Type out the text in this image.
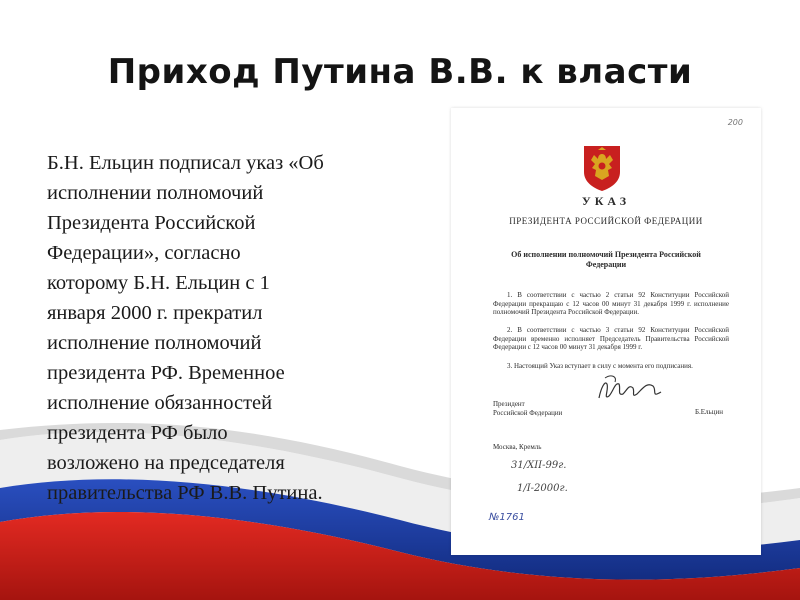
Приход Путина В.В. к власти
Б.Н. Ельцин подписал указ «Об
исполнении полномочий
Президента Российской
Федерации», согласно
которому Б.Н. Ельцин с 1
января 2000 г. прекратил
исполнение полномочий
президента РФ. Временное
исполнение обязанностей
президента РФ было
возложено на председателя
правительства РФ В.В. Путина.
200
УКАЗ
ПРЕЗИДЕНТА РОССИЙСКОЙ ФЕДЕРАЦИИ
Об исполнении полномочий Президента Российской Федерации
1. В соответствии с частью 2 статьи 92 Конституции Российской Федерации прекращаю с 12 часов 00 минут 31 декабря 1999 г. исполнение полномочий Президента Российской Федерации.
2. В соответствии с частью 3 статьи 92 Конституции Российской Федерации временно исполняет Председатель Правительства Российской Федерации с 12 часов 00 минут 31 декабря 1999 г.
3. Настоящий Указ вступает в силу с момента его подписания.
Президент
Российской Федерации	Б.Ельцин
Москва, Кремль
31/XII-99г.
1/I-2000г.
№1761
